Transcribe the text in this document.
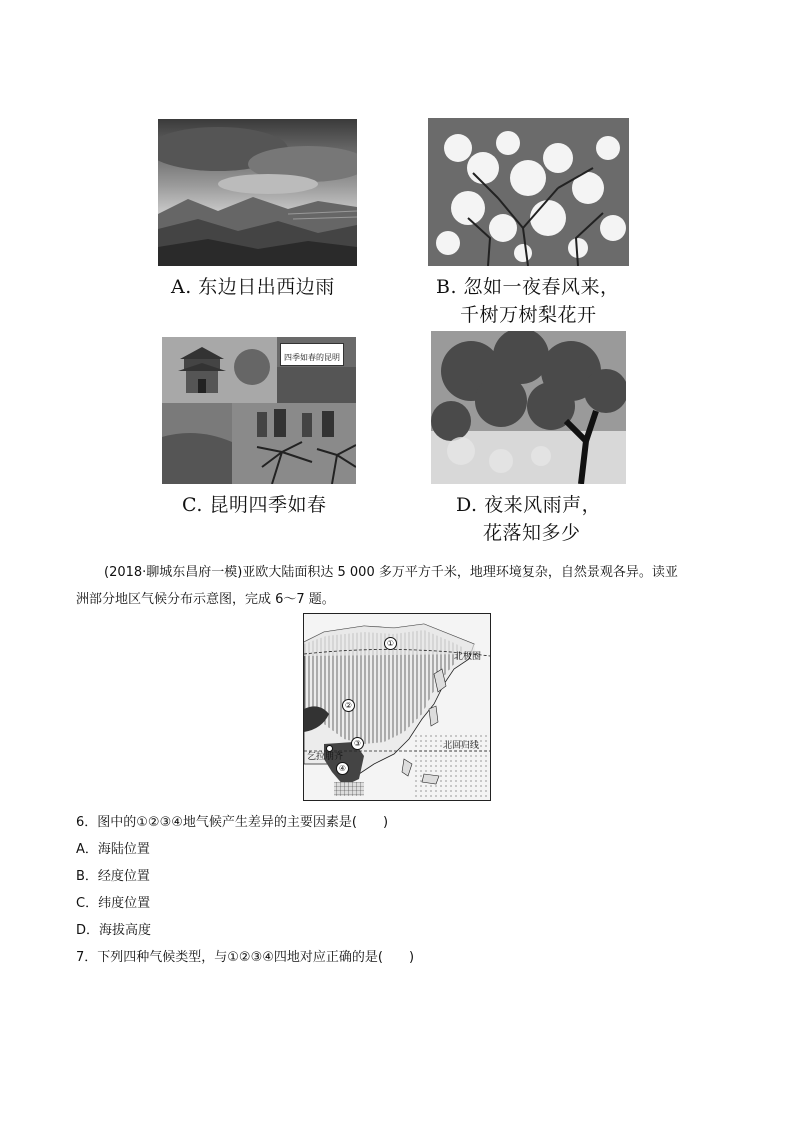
A. 东边日出西边雨	B. 忽如一夜春风来，
千树万树梨花开
四季如春的昆明
C. 昆明四季如春	D. 夜来风雨声，
花落知多少
(2018·聊城东昌府一模)亚欧大陆面积达 5 000 多万平方千米，地理环境复杂，自然景观各异。读亚
洲部分地区气候分布示意图，完成 6～7 题。
北极圈
北回归线
乞拉朋齐
①
②
③
④
6．图中的①②③④地气候产生差异的主要因素是(　　)
A．海陆位置
B．经度位置
C．纬度位置
D．海拔高度
7．下列四种气候类型，与①②③④四地对应正确的是(　　)
